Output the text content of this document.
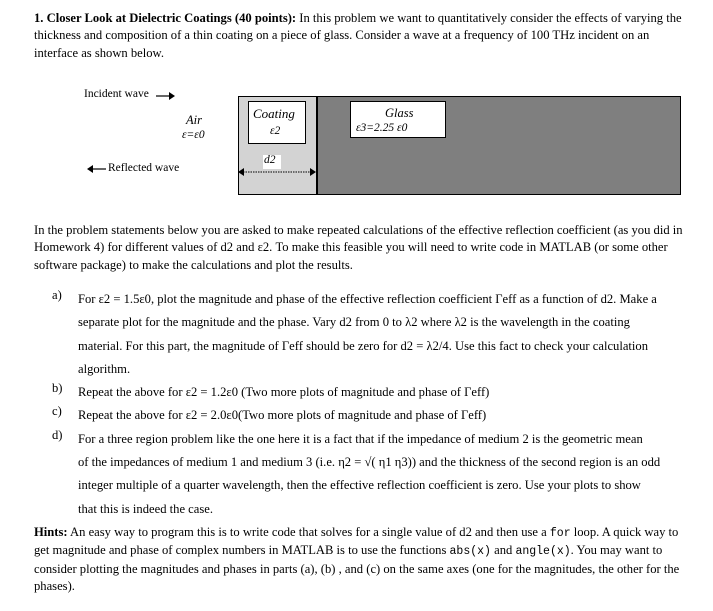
1. Closer Look at Dielectric Coatings (40 points): In this problem we want to quantitatively consider the effects of varying the thickness and composition of a thin coating on a piece of glass. Consider a wave at a frequency of 100 THz incident on an interface as shown below.
Incident wave
Reflected wave
Air
ε=ε0
Coating
ε2
Glass
ε3=2.25 ε0
d2
In the problem statements below you are asked to make repeated calculations of the effective reflection coefficient (as you did in Homework 4) for different values of d2 and ε2. To make this feasible you will need to write code in MATLAB (or some other software package) to make the calculations and plot the results.
a) For ε2 = 1.5ε0, plot the magnitude and phase of the effective reflection coefficient Γeff as a function of d2. Make a
separate plot for the magnitude and the phase. Vary d2 from 0 to λ2 where λ2 is the wavelength in the coating
material. For this part, the magnitude of Γeff should be zero for d2 = λ2/4. Use this fact to check your calculation
algorithm.
b) Repeat the above for ε2 = 1.2ε0 (Two more plots of magnitude and phase of Γeff)
c) Repeat the above for ε2 = 2.0ε0(Two more plots of magnitude and phase of Γeff)
d) For a three region problem like the one here it is a fact that if the impedance of medium 2 is the geometric mean
of the impedances of medium 1 and medium 3 (i.e. η2 = √( η1 η3)) and the thickness of the second region is an odd
integer multiple of a quarter wavelength, then the effective reflection coefficient is zero. Use your plots to show
that this is indeed the case.
Hints: An easy way to program this is to write code that solves for a single value of d2 and then use a for loop. A quick way to get magnitude and phase of complex numbers in MATLAB is to use the functions abs(x) and angle(x). You may want to consider plotting the magnitudes and phases in parts (a), (b) , and (c) on the same axes (one for the magnitudes, the other for the phases).
